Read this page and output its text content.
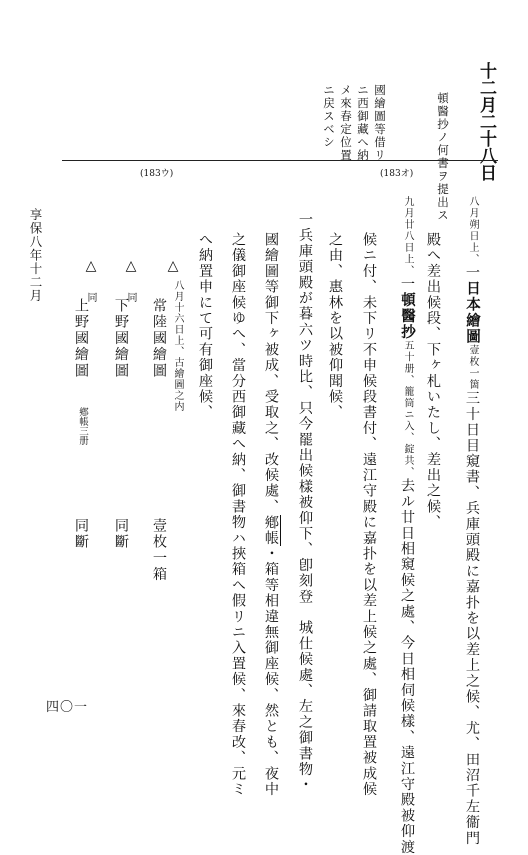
十二月二十八日
頓醫抄ノ何書ヲ提出ス
國繪圖等借リ
ニ西御藏へ納
メ來春定位置
ニ戻スベシ
(183オ)
(183ウ)
八月朔日上、一日本繪圖壹枚一箇三十日目窺書、兵庫頭殿に嘉扑を以差上之候、尤、田沼千左衞門
殿へ差出候段、下ヶ札いたし、差出之候、
九月廿八日上、一頓醫抄五十册、籠筒ニ入、錠共、去ル廿日相窺候之處、今日相伺候樣、遠江守殿被仰渡
候ニ付、未下リ不申候段書付、遠江守殿に嘉扑を以差上候之處、御請取置被成候
之由、惠林を以被仰聞候、
一兵庫頭殿が暮六ツ時比、只今罷出候樣被仰下、卽刻登　城仕候處、左之御書物・
國繪圖等御下ヶ被成、受取之、改候處、鄕帳・箱等相違無御座候、然とも、夜中
之儀御座候ゆへ、當分西御藏へ納、御書物ハ挾箱へ假リニ入置候、來春改、元ミ
へ納置申にて可有御座候、
八月十六日上、古繪圖之内
△
△
△
同
同
常陸國繪圖
下野國繪圖
上野國繪圖
鄕帳三册
壹枚一箱
同斷
同斷
享保八年十二月
四〇一
